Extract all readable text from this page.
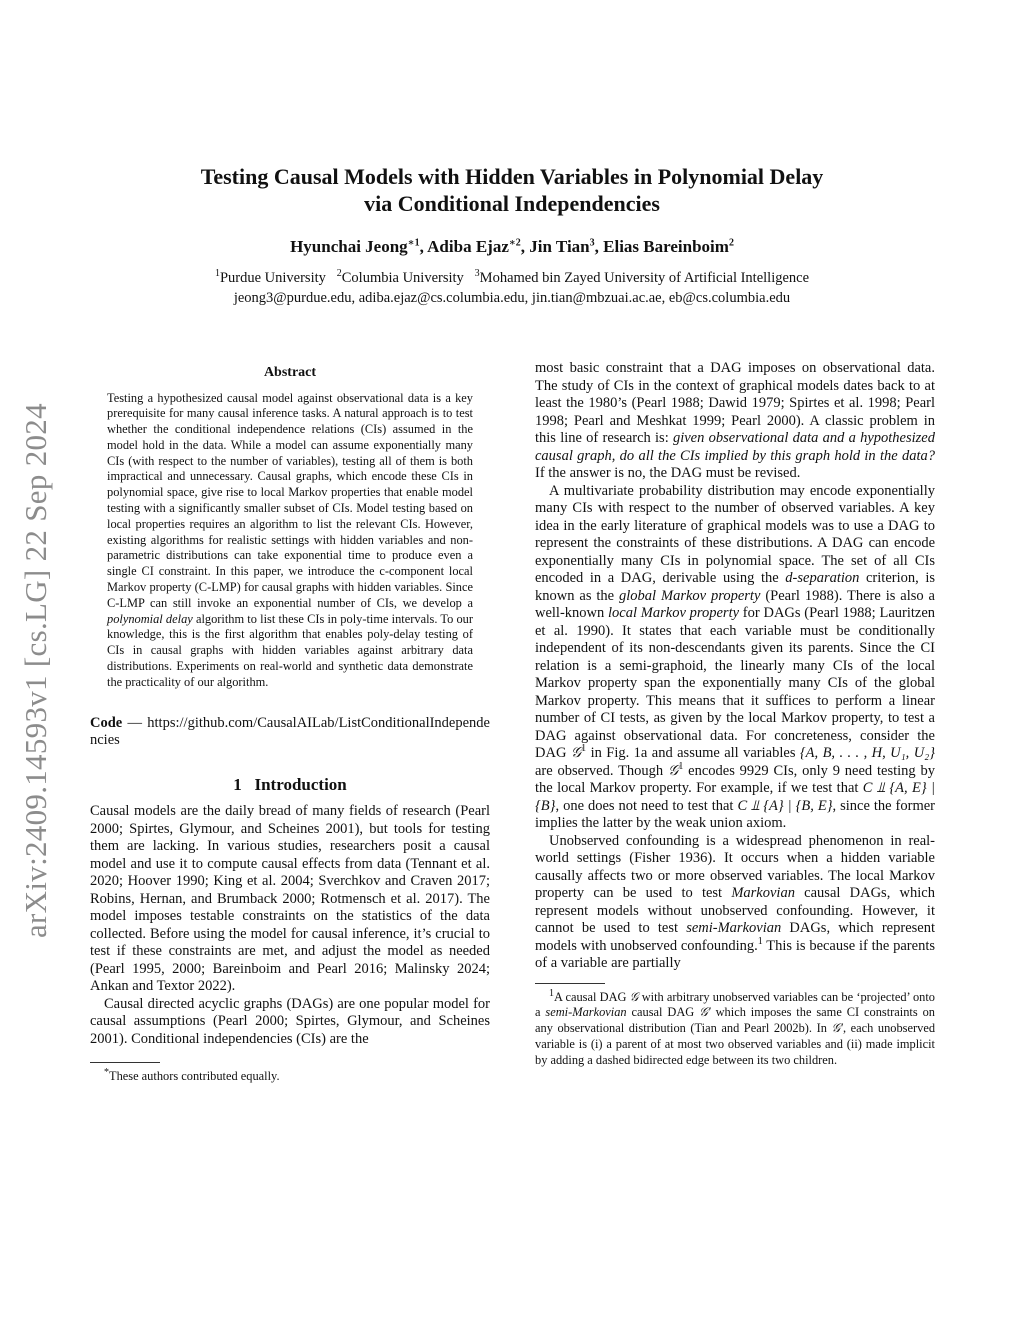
arXiv:2409.14593v1 [cs.LG] 22 Sep 2024
Testing Causal Models with Hidden Variables in Polynomial Delay
via Conditional Independencies
Hyunchai Jeong$^{∗1}$, Adiba Ejaz$^{∗2}$, Jin Tian$^3$, Elias Bareinboim$^2$
$^1$Purdue University $^2$Columbia University $^3$Mohamed bin Zayed University of Artificial Intelligence
jeong3@purdue.edu, adiba.ejaz@cs.columbia.edu, jin.tian@mbzuai.ac.ae, eb@cs.columbia.edu

Abstract

Testing a hypothesized causal model against observational data is a key prerequisite for many causal inference tasks. A natural approach is to test whether the conditional independence relations (CIs) assumed in the model hold in the data. While a model can assume exponentially many CIs (with respect to the number of variables), testing all of them is both impractical and unnecessary. Causal graphs, which encode these CIs in polynomial space, give rise to local Markov properties that enable model testing with a significantly smaller subset of CIs. Model testing based on local properties requires an algorithm to list the relevant CIs. However, existing algorithms for realistic settings with hidden variables and non-parametric distributions can take exponential time to produce even a single CI constraint. In this paper, we introduce the c-component local Markov property (C-LMP) for causal graphs with hidden variables. Since C-LMP can still invoke an exponential number of CIs, we develop a polynomial delay algorithm to list these CIs in poly-time intervals. To our knowledge, this is the first algorithm that enables poly-delay testing of CIs in causal graphs with hidden variables against arbitrary data distributions. Experiments on real-world and synthetic data demonstrate the practicality of our algorithm.

Code — https://github.com/CausalAILab/ListConditionalIndependencies

1 Introduction

Causal models are the daily bread of many fields of research (Pearl 2000; Spirtes, Glymour, and Scheines 2001), but tools for testing them are lacking. In various studies, researchers posit a causal model and use it to compute causal effects from data (Tennant et al. 2020; Hoover 1990; King et al. 2004; Sverchkov and Craven 2017; Robins, Hernan, and Brumback 2000; Rotmensch et al. 2017). The model imposes testable constraints on the statistics of the data collected. Before using the model for causal inference, it’s crucial to test if these constraints are met, and adjust the model as needed (Pearl 1995, 2000; Bareinboim and Pearl 2016; Malinsky 2024; Ankan and Textor 2022).

Causal directed acyclic graphs (DAGs) are one popular model for causal assumptions (Pearl 2000; Spirtes, Glymour, and Scheines 2001). Conditional independencies (CIs) are the

*These authors contributed equally.

most basic constraint that a DAG imposes on observational data. The study of CIs in the context of graphical models dates back to at least the 1980’s (Pearl 1988; Dawid 1979; Spirtes et al. 1998; Pearl 1998; Pearl and Meshkat 1999; Pearl 2000). A classic problem in this line of research is: given observational data and a hypothesized causal graph, do all the CIs implied by this graph hold in the data? If the answer is no, the DAG must be revised.

A multivariate probability distribution may encode exponentially many CIs with respect to the number of observed variables. A key idea in the early literature of graphical models was to use a DAG to represent the constraints of these distributions. A DAG can encode exponentially many CIs in polynomial space. The set of all CIs encoded in a DAG, derivable using the d-separation criterion, is known as the global Markov property (Pearl 1988). There is also a well-known local Markov property for DAGs (Pearl 1988; Lauritzen et al. 1990). It states that each variable must be conditionally independent of its non-descendants given its parents. Since the CI relation is a semi-graphoid, the linearly many CIs of the local Markov property span the exponentially many CIs of the global Markov property. This means that it suffices to perform a linear number of CI tests, as given by the local Markov property, to test a DAG against observational data. For concreteness, consider the DAG 𝒢$^1$ in Fig. 1a and assume all variables {A, B, . . . , H, U₁, U₂} are observed. Though 𝒢$^1$ encodes 9929 CIs, only 9 need testing by the local Markov property. For example, if we test that C ⫫ {A, E} | {B}, one does not need to test that C ⫫ {A} | {B, E}, since the former implies the latter by the weak union axiom.

Unobserved confounding is a widespread phenomenon in real-world settings (Fisher 1936). It occurs when a hidden variable causally affects two or more observed variables. The local Markov property can be used to test Markovian causal DAGs, which represent models without unobserved confounding. However, it cannot be used to test semi-Markovian DAGs, which represent models with unobserved confounding.$^1$ This is because if the parents of a variable are partially

$^1$A causal DAG 𝒢 with arbitrary unobserved variables can be ‘projected’ onto a semi-Markovian causal DAG 𝒢′ which imposes the same CI constraints on any observational distribution (Tian and Pearl 2002b). In 𝒢′, each unobserved variable is (i) a parent of at most two observed variables and (ii) made implicit by adding a dashed bidirected edge between its two children.
